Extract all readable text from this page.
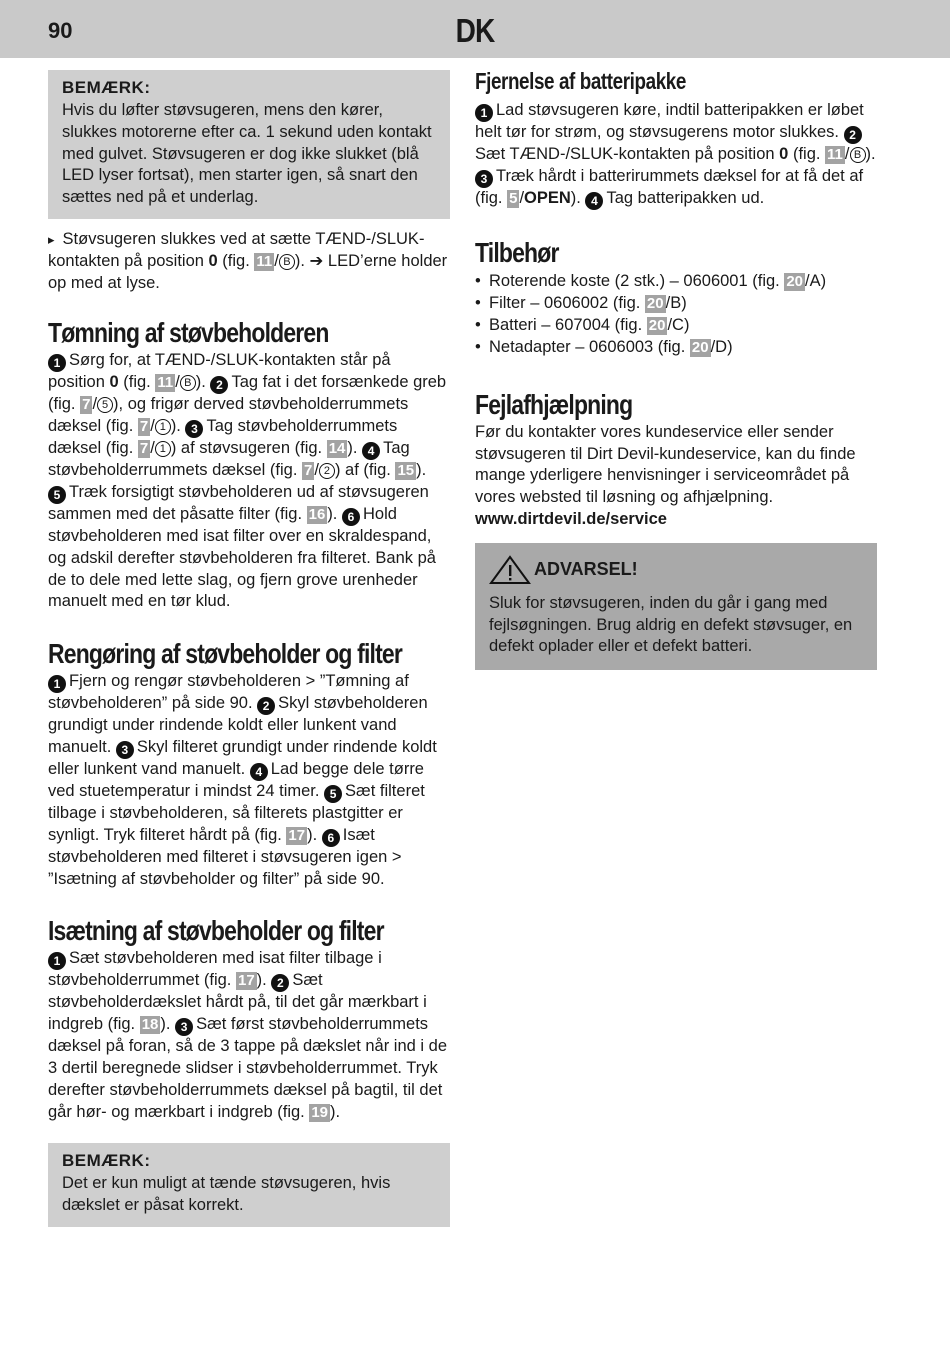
90	DK
BEMÆRK:

Hvis du løfter støvsugeren, mens den kører, slukkes motorerne efter ca. 1 sekund uden kontakt med gulvet. Støvsugeren er dog ikke slukket (blå LED lyser fortsat), men starter igen, så snart den sættes ned på et underlag.

▸ Støvsugeren slukkes ved at sætte TÆND-/SLUK-kontakten på position 0 (fig. 11 / B ). ➔ LED’erne holder op med at lyse.

Tømning af støvbeholderen

1 Sørg for, at TÆND-/SLUK-kontakten står på position 0 (fig. 11 / B ). 2 Tag fat i det forsænkede greb (fig. 7 / 5 ), og frigør derved støvbeholderrummets dæksel (fig. 7 / 1 ). 3 Tag støvbeholderrummets dæksel (fig. 7 / 1 ) af støvsugeren (fig. 14 ). 4 Tag støvbeholderrummets dæksel (fig. 7 / 2 ) af (fig. 15 ). 5 Træk forsigtigt støvbeholderen ud af støvsugeren sammen med det påsatte filter (fig. 16 ). 6 Hold støvbeholderen med isat filter over en skraldespand, og adskil derefter støvbeholderen fra filteret. Bank på de to dele med lette slag, og fjern grove urenheder manuelt med en tør klud.

Rengøring af støvbeholder og filter

1 Fjern og rengør støvbeholderen > ”Tømning af støvbeholderen” på side 90. 2 Skyl støvbeholderen grundigt under rindende koldt eller lunkent vand manuelt. 3 Skyl filteret grundigt under rindende koldt eller lunkent vand manuelt. 4 Lad begge dele tørre ved stuetemperatur i mindst 24 timer. 5 Sæt filteret tilbage i støvbeholderen, så filterets plastgitter er synligt. Tryk filteret hårdt på (fig. 17 ). 6 Isæt støvbeholderen med filteret i støvsugeren igen > ”Isætning af støvbeholder og filter” på side 90.

Isætning af støvbeholder og filter

1 Sæt støvbeholderen med isat filter tilbage i støvbeholderrummet (fig. 17 ). 2 Sæt støvbeholderdækslet hårdt på, til det går mærkbart i indgreb (fig. 18 ). 3 Sæt først støvbeholderrummets dæksel på foran, så de 3 tappe på dækslet når ind i de 3 dertil beregnede slidser i støvbeholderrummet. Tryk derefter støvbeholderrummets dæksel på bagtil, til det går hør- og mærkbart i indgreb (fig. 19 ).

BEMÆRK:

Det er kun muligt at tænde støvsugeren, hvis dækslet er påsat korrekt.

Fjernelse af batteripakke

1 Lad støvsugeren køre, indtil batteripakken er løbet helt tør for strøm, og støvsugerens motor slukkes. 2Sæt TÆND-/SLUK-kontakten på position 0 (fig. 11 / B ). 3 Træk hårdt i batterirummets dæksel for at få det af (fig. 5 /OPEN). 4 Tag batteripakken ud.

Tilbehør
• Roterende koste (2 stk.) – 0606001 (fig. 20 /A)
• Filter – 0606002 (fig. 20 /B)
• Batteri – 607004 (fig. 20 /C)
• Netadapter – 0606003 (fig. 20 /D)
Fejlafhjælpning

Før du kontakter vores kundeservice eller sender støvsugeren til Dirt Devil-kundeservice, kan du finde mange yderligere henvisninger i serviceområdet på vores websted til løsning og afhjælpning.

www.dirtdevil.de/service

ADVARSEL!

Sluk for støvsugeren, inden du går i gang med fejlsøgningen. Brug aldrig en defekt støvsuger, en defekt oplader eller et defekt batteri.
